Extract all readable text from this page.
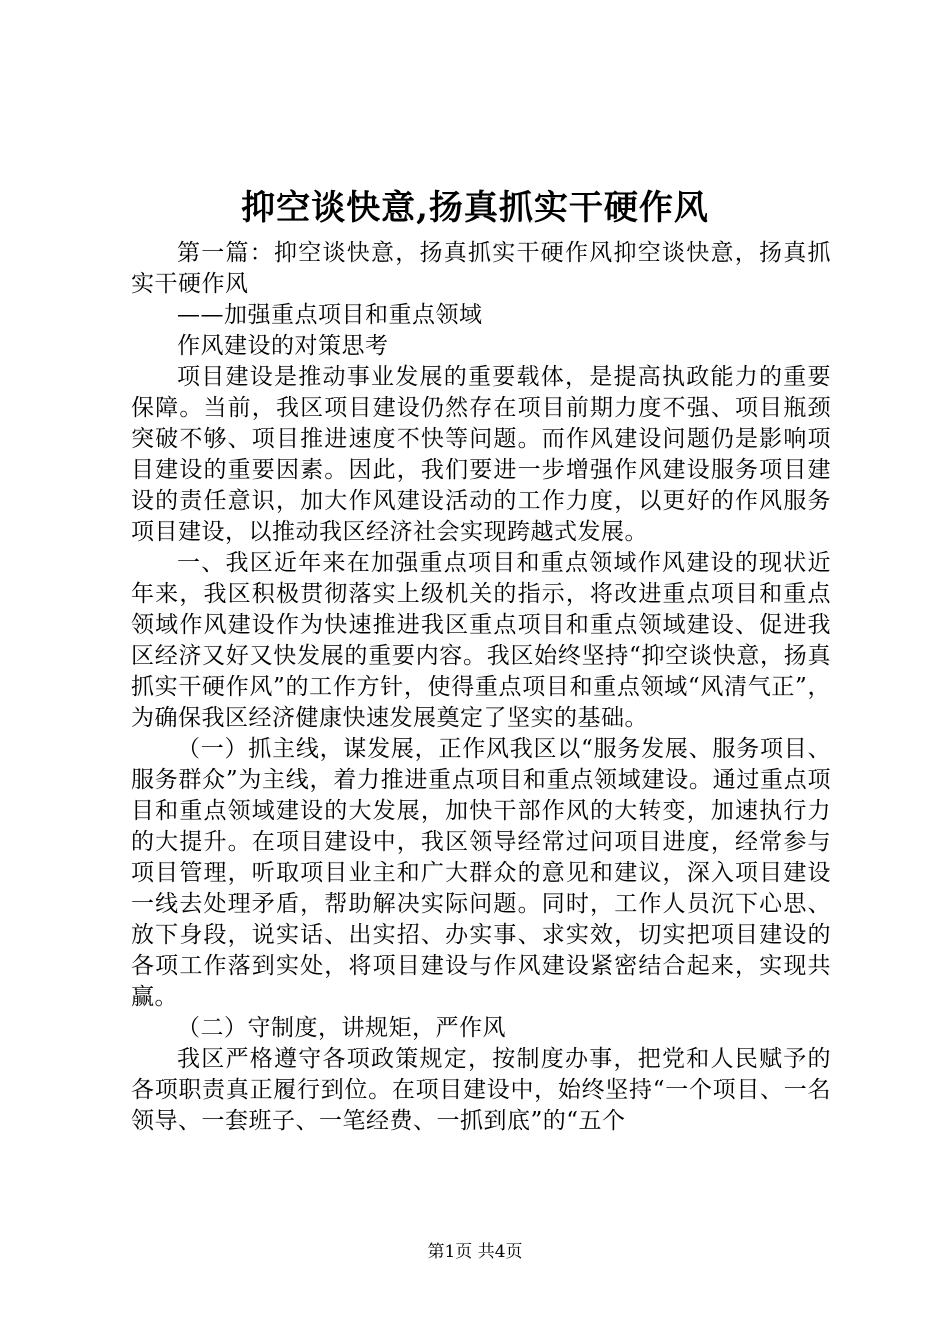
抑空谈快意,扬真抓实干硬作风

第一篇：抑空谈快意，扬真抓实干硬作风抑空谈快意，扬真抓实干硬作风

——加强重点项目和重点领域

作风建设的对策思考

项目建设是推动事业发展的重要载体，是提高执政能力的重要保障。当前，我区项目建设仍然存在项目前期力度不强、项目瓶颈突破不够、项目推进速度不快等问题。而作风建设问题仍是影响项目建设的重要因素。因此，我们要进一步增强作风建设服务项目建设的责任意识，加大作风建设活动的工作力度，以更好的作风服务项目建设，以推动我区经济社会实现跨越式发展。

一、我区近年来在加强重点项目和重点领域作风建设的现状近年来，我区积极贯彻落实上级机关的指示，将改进重点项目和重点领域作风建设作为快速推进我区重点项目和重点领域建设、促进我区经济又好又快发展的重要内容。我区始终坚持“抑空谈快意，扬真抓实干硬作风”的工作方针，使得重点项目和重点领域“风清气正”，为确保我区经济健康快速发展奠定了坚实的基础。

（一）抓主线，谋发展，正作风我区以“服务发展、服务项目、服务群众”为主线，着力推进重点项目和重点领域建设。通过重点项目和重点领域建设的大发展，加快干部作风的大转变，加速执行力的大提升。在项目建设中，我区领导经常过问项目进度，经常参与项目管理，听取项目业主和广大群众的意见和建议，深入项目建设一线去处理矛盾，帮助解决实际问题。同时，工作人员沉下心思、放下身段，说实话、出实招、办实事、求实效，切实把项目建设的各项工作落到实处，将项目建设与作风建设紧密结合起来，实现共赢。

（二）守制度，讲规矩，严作风

我区严格遵守各项政策规定，按制度办事，把党和人民赋予的各项职责真正履行到位。在项目建设中，始终坚持“一个项目、一名领导、一套班子、一笔经费、一抓到底”的“五个

第1页 共4页
